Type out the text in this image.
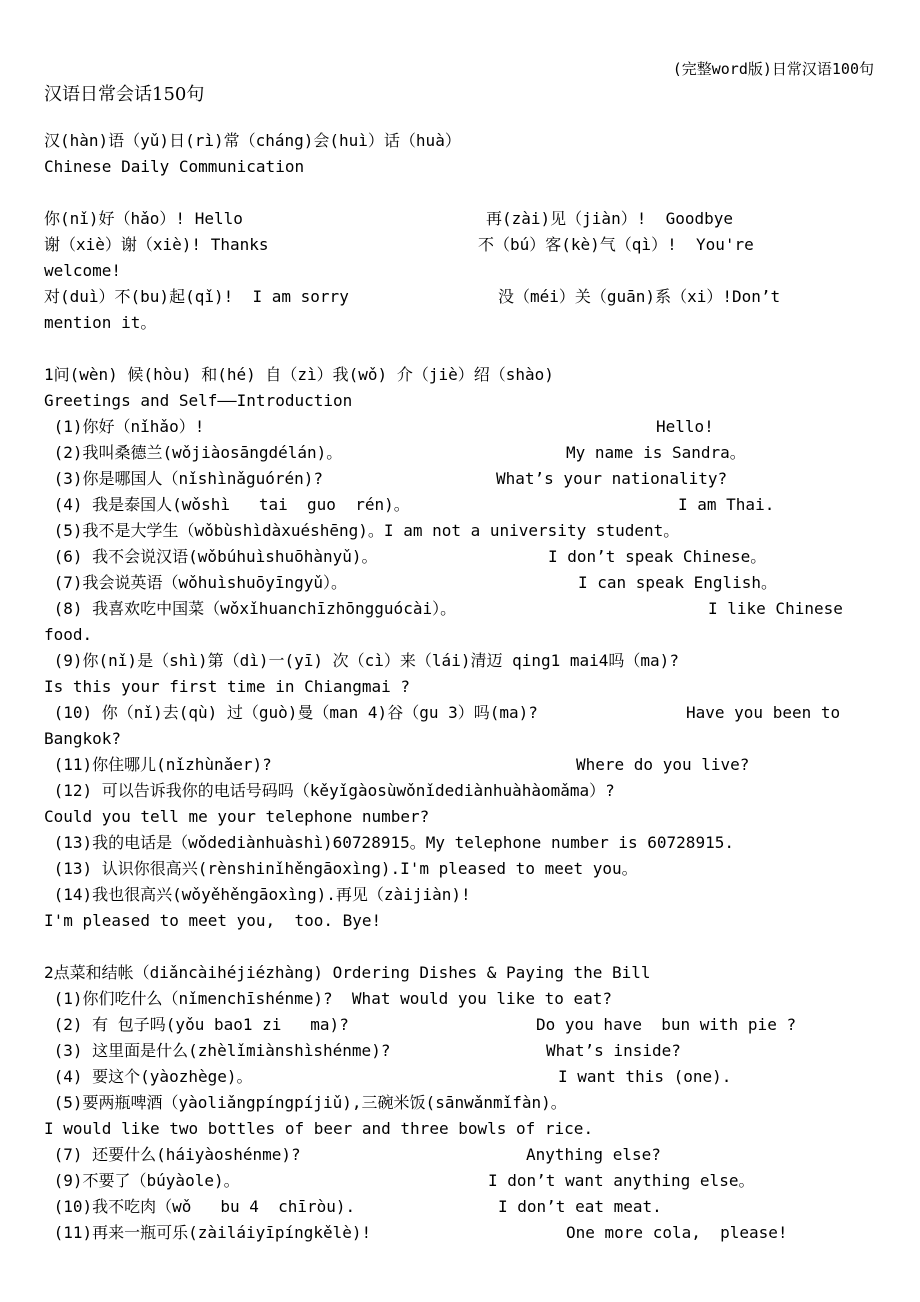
(完整word版)日常汉语100句
汉语日常会话150句
汉(hàn)语（yǔ)日(rì)常（cháng)会(huì）话（huà）
Chinese Daily Communication
你(nǐ)好（hǎo）! Hello	再(zài)见（jiàn）!  Goodbye
谢（xiè）谢（xiè)! Thanks	不（bú）客(kè)气（qì）!  You're
welcome!
对(duì）不(bu)起(qǐ)!  I am sorry	没（méi）关（guān)系（xi）!Don’t
mention it。
1问(wèn) 候(hòu) 和(hé) 自（zì）我(wǒ) 介（jiè）绍（shào)
Greetings and Self——Introduction
(1)你好（nǐhǎo）!	Hello!
(2)我叫桑德兰(wǒjiàosāngdélán)。	My name is Sandra。
(3)你是哪国人（nǐshìnǎguórén)?	What’s your nationality?
(4) 我是泰国人(wǒshì   tai  guo  rén)。	I am Thai.
(5)我不是大学生（wǒbùshìdàxuéshēng)。I am not a university student。
(6) 我不会说汉语(wǒbúhuìshuōhànyǔ)。	I don’t speak Chinese。
(7)我会说英语（wǒhuìshuōyīngyǔ）。	I can speak English。
(8) 我喜欢吃中国菜（wǒxǐhuanchīzhōngguócài）。	I like Chinese
food.
(9)你(nǐ)是（shì)第（dì)一(yī) 次（cì）来（lái)清迈 qing1 mai4吗（ma)?
Is this your first time in Chiangmai ?
(10) 你（nǐ)去(qù) 过（guò)曼（man 4)谷（gu 3）吗(ma)?	Have you been to
Bangkok?
(11)你住哪儿(nǐzhùnǎer)?	Where do you live?
(12) 可以告诉我你的电话号码吗（kěyǐgàosùwǒnǐdediànhuàhàomǎma）?
Could you tell me your telephone number?
(13)我的电话是（wǒdediànhuàshì)60728915。My telephone number is 60728915.
(13) 认识你很高兴(rènshinǐhěngāoxìng).I'm pleased to meet you。
(14)我也很高兴(wǒyěhěngāoxìng).再见（zàijiàn)!
I'm pleased to meet you,  too. Bye!
2点菜和结帐（diǎncàihéjiézhàng) Ordering Dishes & Paying the Bill
(1)你们吃什么（nǐmenchīshénme)?  What would you like to eat?
(2) 有 包子吗(yǒu bao1 zi   ma)?	Do you have  bun with pie ?
(3) 这里面是什么(zhèlǐmiànshìshénme)?	What’s inside?
(4) 要这个(yàozhège)。	I want this (one).
(5)要两瓶啤酒（yàoliǎngpíngpíjiǔ),三碗米饭(sānwǎnmǐfàn)。
I would like two bottles of beer and three bowls of rice.
(7) 还要什么(háiyàoshénme)?	Anything else?
(9)不要了（búyàole)。	I don’t want anything else。
(10)我不吃肉（wǒ   bu 4  chīròu).	I don’t eat meat.
(11)再来一瓶可乐(zàiláiyīpíngkělè)!	One more cola,  please!
